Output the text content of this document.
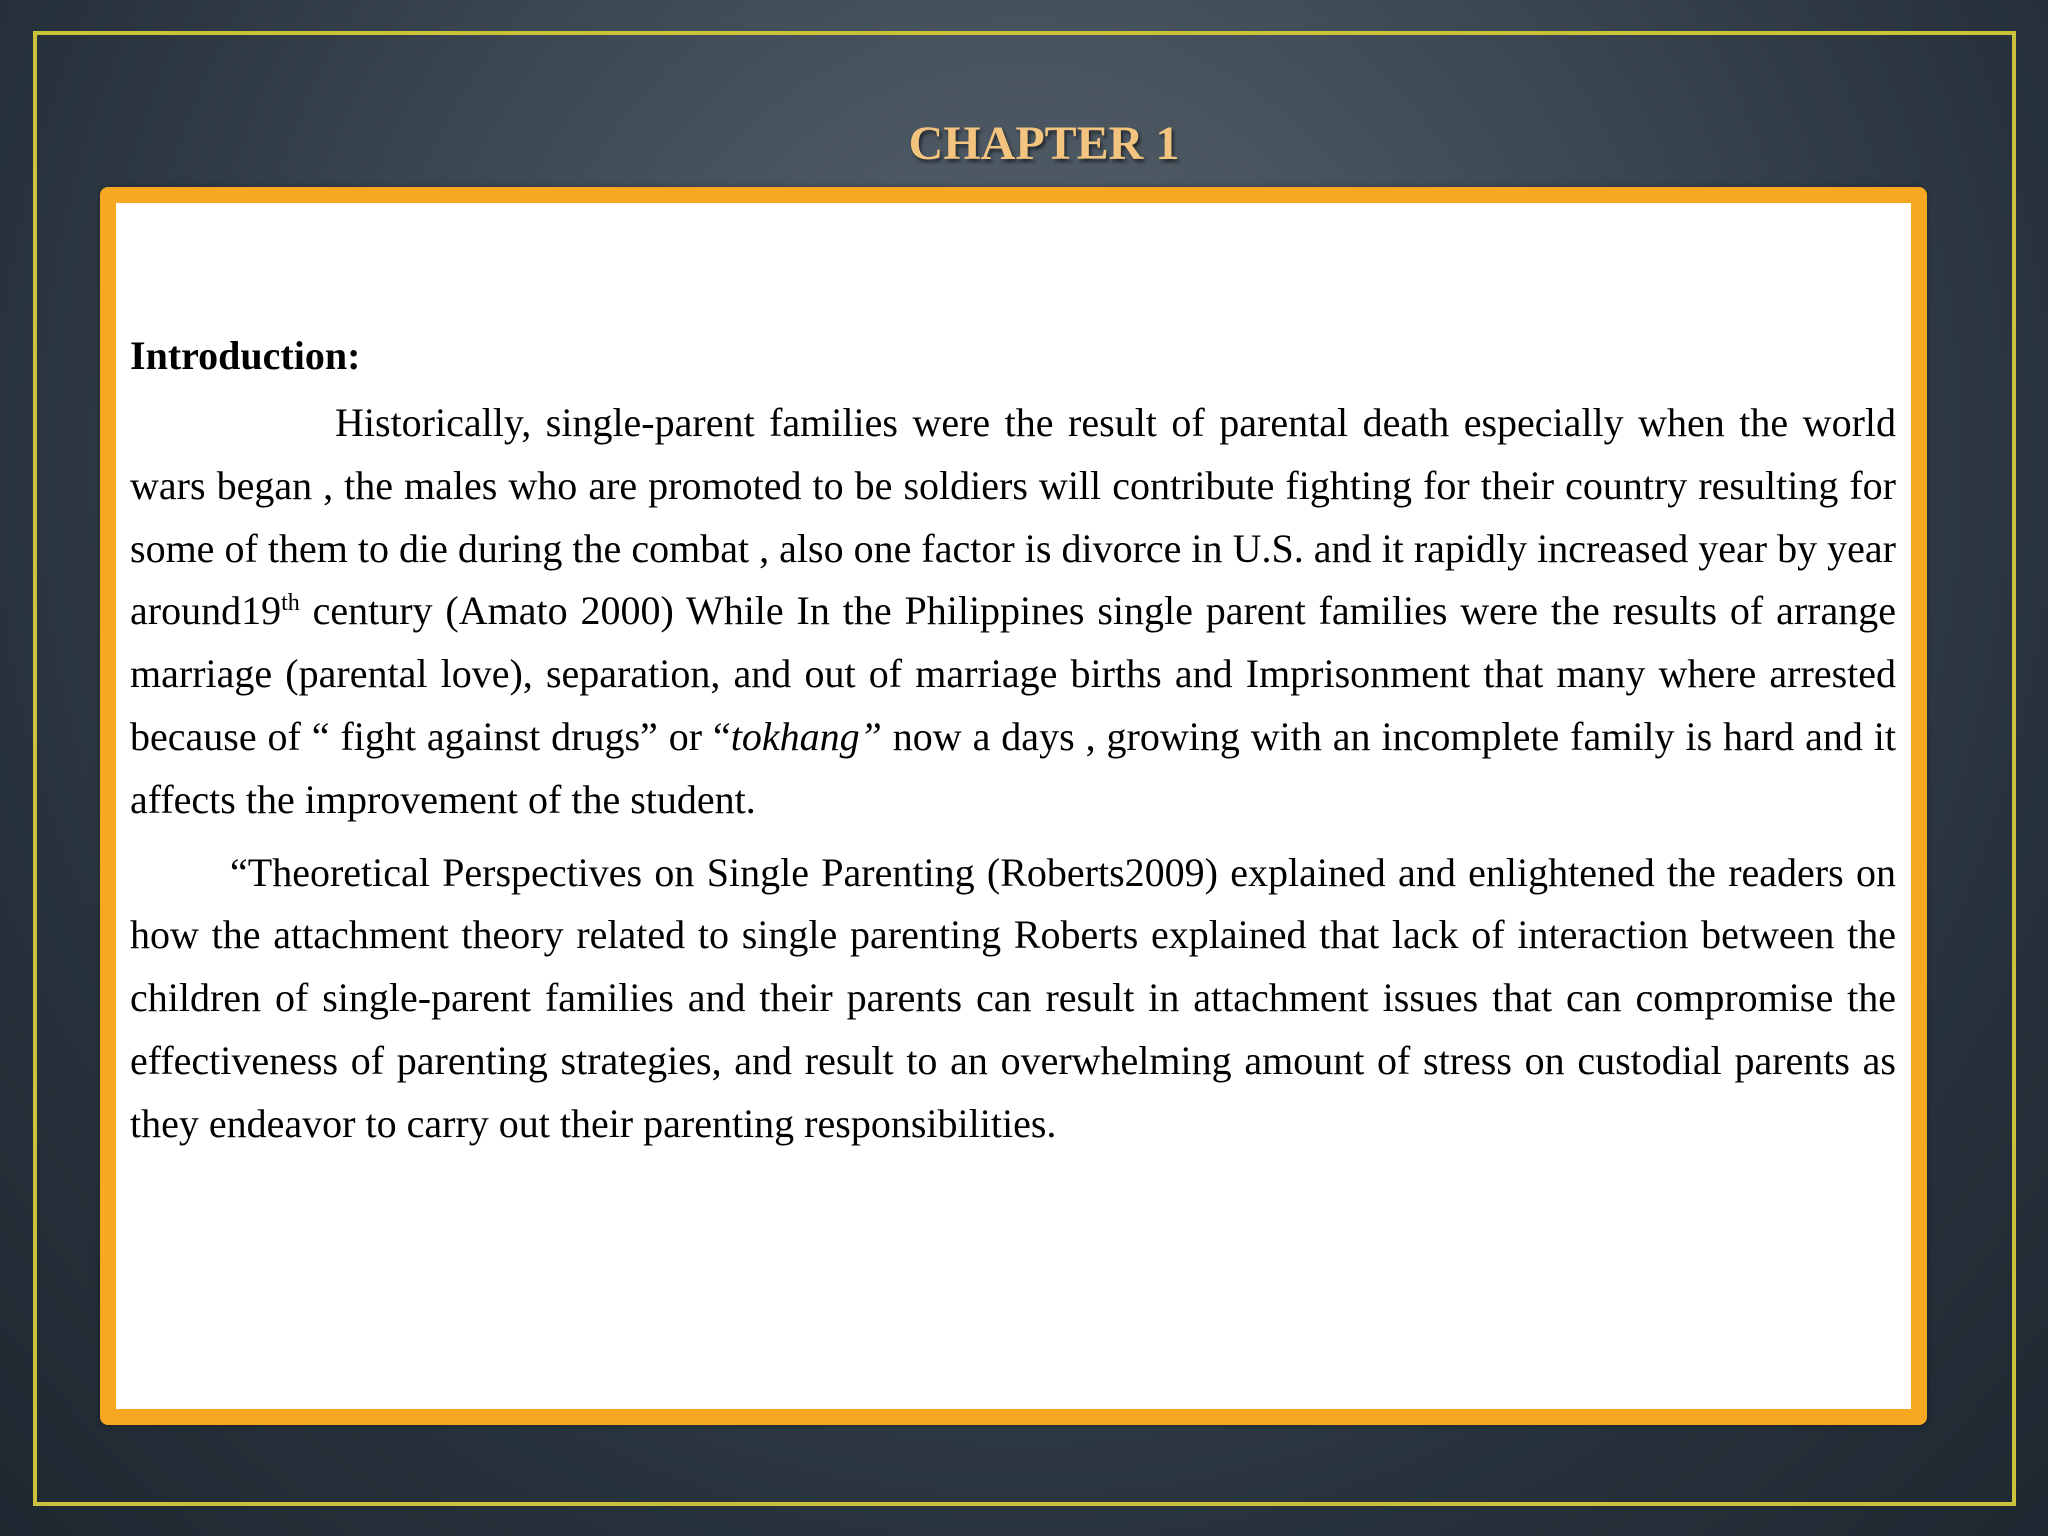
CHAPTER 1
Introduction:

Historically, single-parent families were the result of parental death especially when the world wars began , the males who are promoted to be soldiers will contribute fighting for their country resulting for some of them to die during the combat , also one factor is divorce in U.S. and it rapidly increased year by year around19th century (Amato 2000) While In the Philippines single parent families were the results of arrange marriage (parental love), separation, and out of marriage births and Imprisonment that many where arrested because of “ fight against drugs” or “tokhang” now a days , growing with an incomplete family is hard and it affects the improvement of the student.

“Theoretical Perspectives on Single Parenting (Roberts2009) explained and enlightened the readers on how the attachment theory related to single parenting Roberts explained that lack of interaction between the children of single-parent families and their parents can result in attachment issues that can compromise the effectiveness of parenting strategies, and result to an overwhelming amount of stress on custodial parents as they endeavor to carry out their parenting responsibilities.
